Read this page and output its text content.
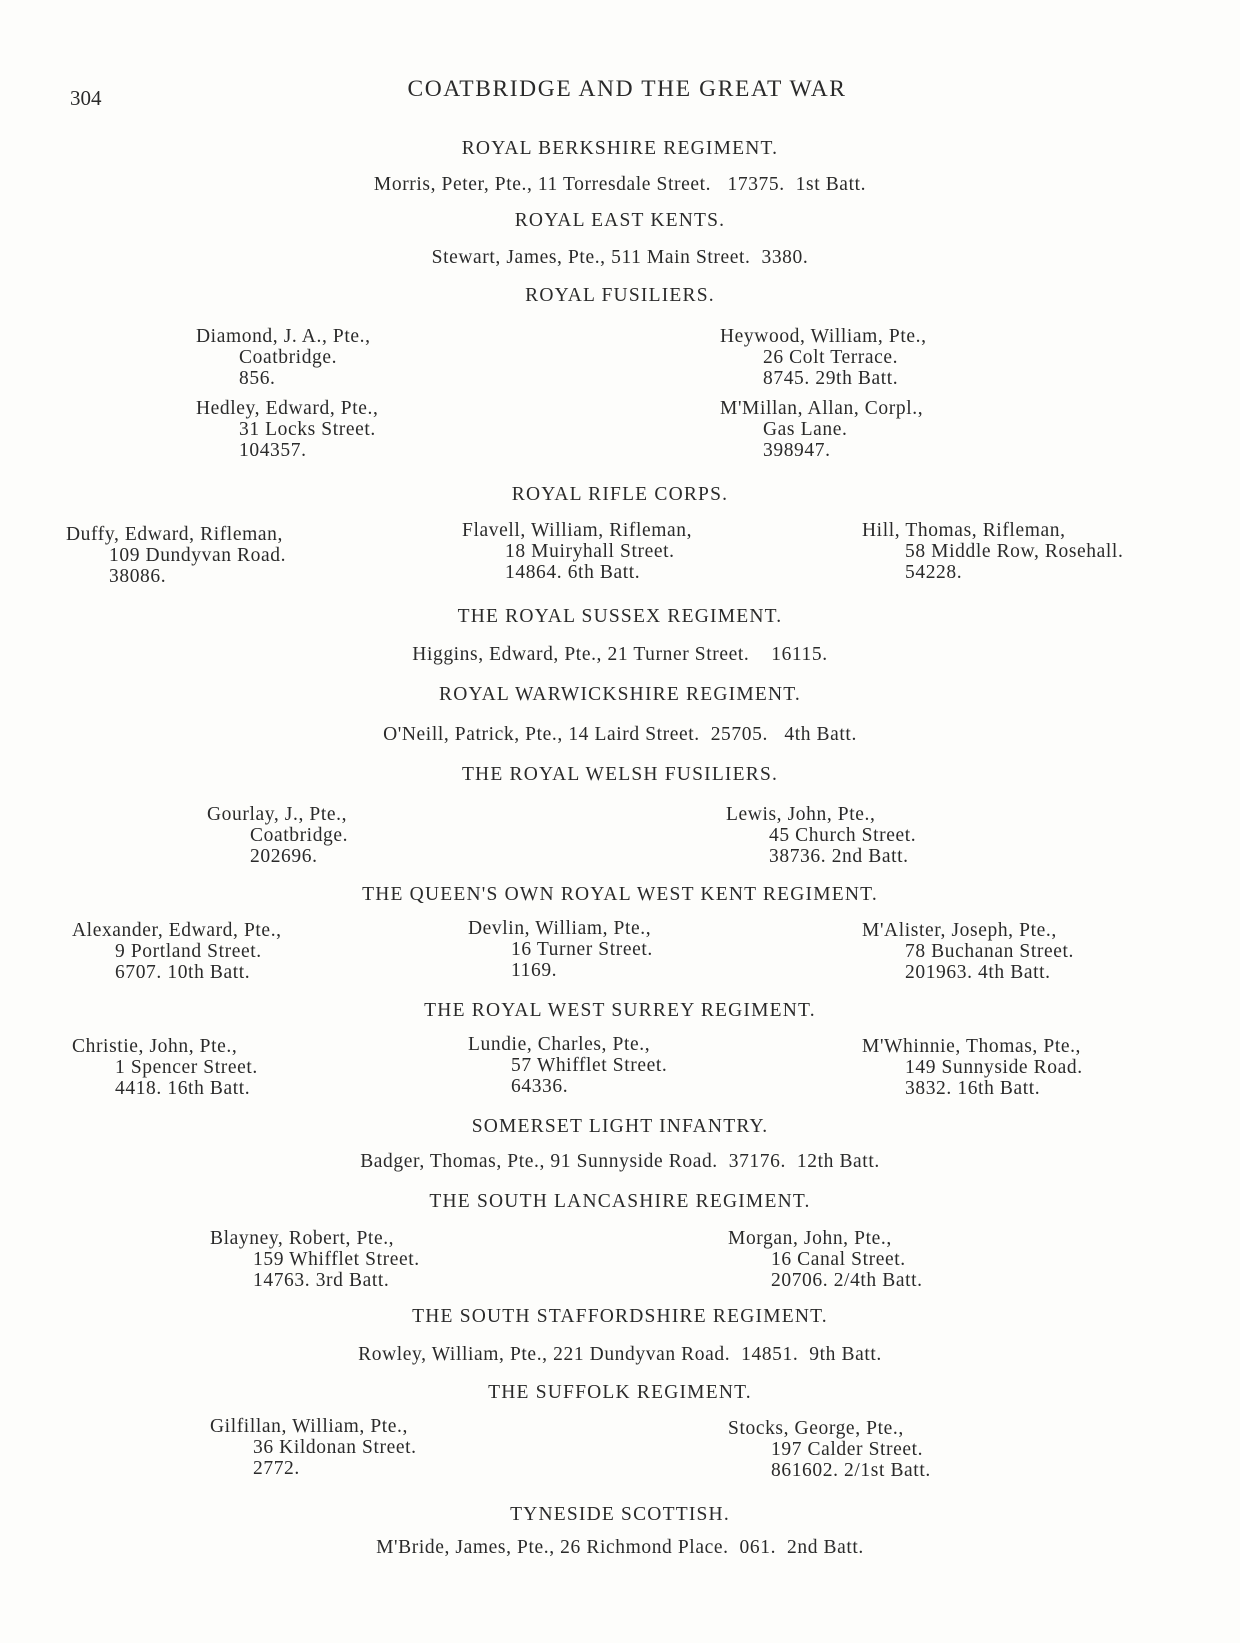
304	COATBRIDGE AND THE GREAT WAR
ROYAL BERKSHIRE REGIMENT.
Morris, Peter, Pte., 11 Torresdale Street.   17375.  1st Batt.
ROYAL EAST KENTS.
Stewart, James, Pte., 511 Main Street.  3380.
ROYAL FUSILIERS.
Diamond, J. A., Pte.,
Coatbridge.
856.
Heywood, William, Pte.,
26 Colt Terrace.
8745. 29th Batt.
Hedley, Edward, Pte.,
31 Locks Street.
104357.
M'Millan, Allan, Corpl.,
Gas Lane.
398947.
ROYAL RIFLE CORPS.
Duffy, Edward, Rifleman,
109 Dundyvan Road.
38086.
Flavell, William, Rifleman,
18 Muiryhall Street.
14864. 6th Batt.
Hill, Thomas, Rifleman,
58 Middle Row, Rosehall.
54228.
THE ROYAL SUSSEX REGIMENT.
Higgins, Edward, Pte., 21 Turner Street.    16115.
ROYAL WARWICKSHIRE REGIMENT.
O'Neill, Patrick, Pte., 14 Laird Street.  25705.   4th Batt.
THE ROYAL WELSH FUSILIERS.
Gourlay, J., Pte.,
Coatbridge.
202696.
Lewis, John, Pte.,
45 Church Street.
38736. 2nd Batt.
THE QUEEN'S OWN ROYAL WEST KENT REGIMENT.
Alexander, Edward, Pte.,
9 Portland Street.
6707. 10th Batt.
Devlin, William, Pte.,
16 Turner Street.
1169.
M'Alister, Joseph, Pte.,
78 Buchanan Street.
201963. 4th Batt.
THE ROYAL WEST SURREY REGIMENT.
Christie, John, Pte.,
1 Spencer Street.
4418. 16th Batt.
Lundie, Charles, Pte.,
57 Whifflet Street.
64336.
M'Whinnie, Thomas, Pte.,
149 Sunnyside Road.
3832. 16th Batt.
SOMERSET LIGHT INFANTRY.
Badger, Thomas, Pte., 91 Sunnyside Road.  37176.  12th Batt.
THE SOUTH LANCASHIRE REGIMENT.
Blayney, Robert, Pte.,
159 Whifflet Street.
14763. 3rd Batt.
Morgan, John, Pte.,
16 Canal Street.
20706. 2/4th Batt.
THE SOUTH STAFFORDSHIRE REGIMENT.
Rowley, William, Pte., 221 Dundyvan Road.  14851.  9th Batt.
THE SUFFOLK REGIMENT.
Gilfillan, William, Pte.,
36 Kildonan Street.
2772.
Stocks, George, Pte.,
197 Calder Street.
861602. 2/1st Batt.
TYNESIDE SCOTTISH.
M'Bride, James, Pte., 26 Richmond Place.  061.  2nd Batt.
